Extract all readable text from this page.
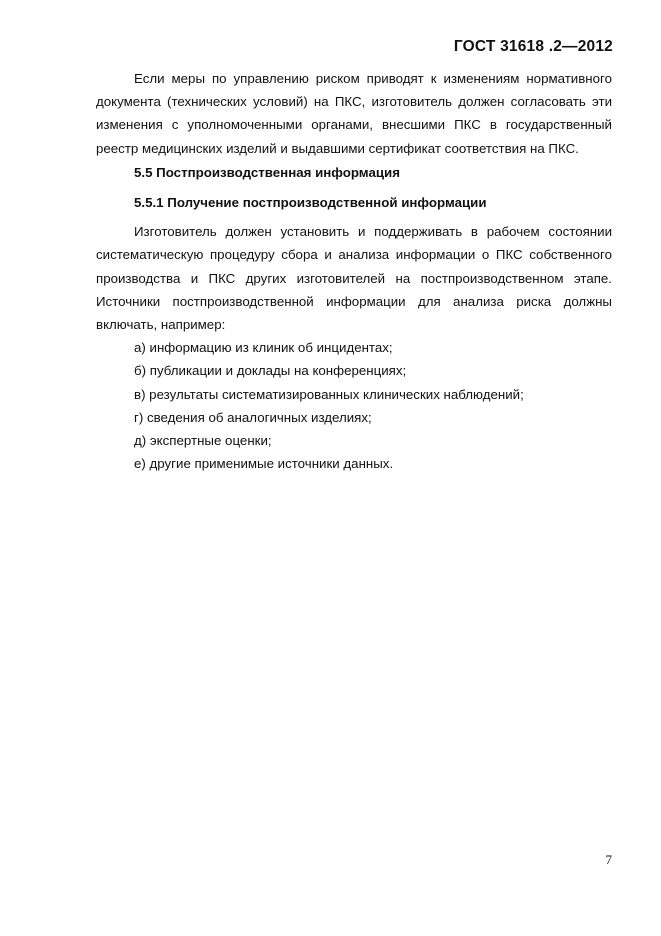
ГОСТ 31618 .2—2012

Если меры по управлению риском приводят к изменениям нормативного документа (технических условий) на ПКС, изготовитель должен согласовать эти изменения с уполномоченными органами, внесшими ПКС в государственный реестр медицинских изделий и выдавшими сертификат соответствия на ПКС.

5.5 Постпроизводственная информация

5.5.1 Получение постпроизводственной информации

Изготовитель должен установить и поддерживать в рабочем состоянии систематическую процедуру сбора и анализа информации о ПКС собственного производства и ПКС других изготовителей на постпроизводственном этапе. Источники постпроизводственной информации для анализа риска должны включать, например:

а) информацию из клиник об инцидентах;
б) публикации и доклады на конференциях;
в) результаты систематизированных клинических наблюдений;
г) сведения об аналогичных изделиях;
д) экспертные оценки;
е) другие применимые источники данных.
7
